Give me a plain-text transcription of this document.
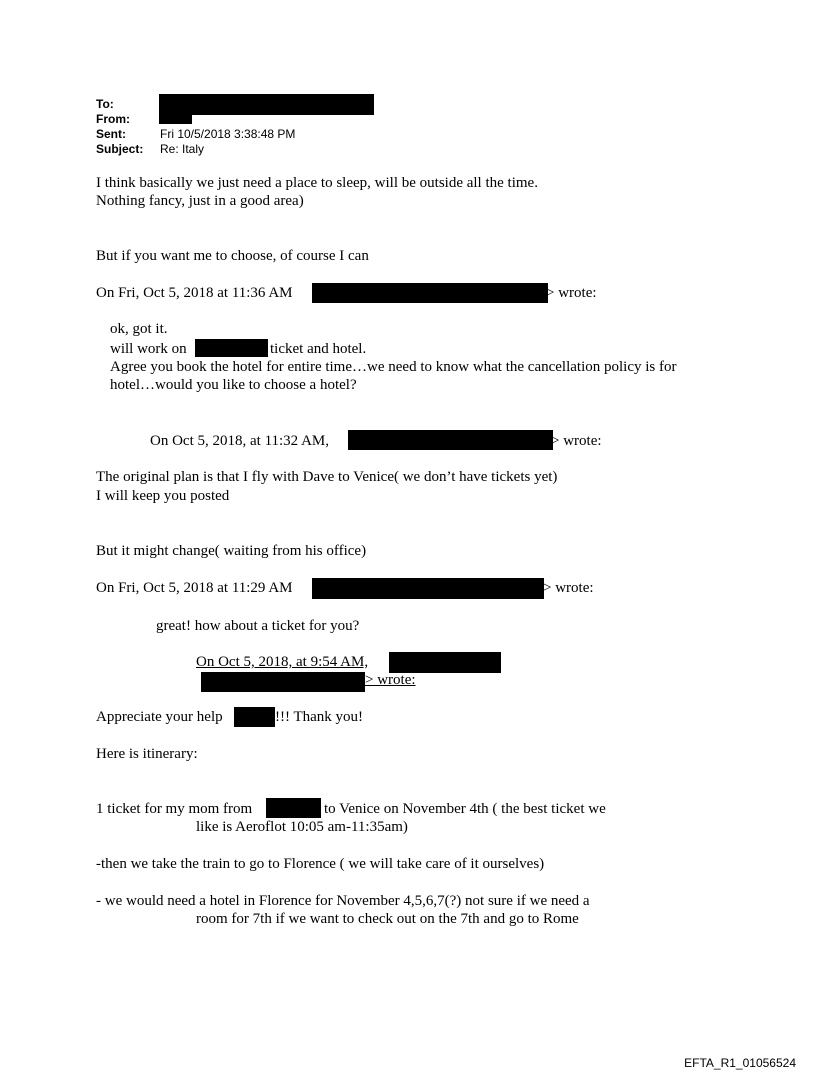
To:
From:
Sent:	Fri 10/5/2018 3:38:48 PM
Subject: Re: Italy
I think basically we just need a place to sleep, will be outside all the time.
Nothing fancy, just in a good area)
But if you want me to choose, of course I can
On Fri, Oct 5, 2018 at 11:36 AM	> wrote:
ok, got it.
will work on	ticket and hotel.
Agree you book the hotel for entire time…we need to know what the cancellation policy is for
hotel…would you like to choose a hotel?
On Oct 5, 2018, at 11:32 AM,	> wrote:
The original plan is that I fly with Dave to Venice( we don’t have tickets yet)
I will keep you posted
But it might change( waiting from his office)
On Fri, Oct 5, 2018 at 11:29 AM	> wrote:
great! how about a ticket for you?
On Oct 5, 2018, at 9:54 AM,
> wrote:
Appreciate your help	!!! Thank you!
Here is itinerary:
1 ticket for my mom from	to Venice on November 4th ( the best ticket we
like is Aeroflot 10:05 am-11:35am)
-then we take the train to go to Florence ( we will take care of it ourselves)
- we would need a hotel in Florence for November 4,5,6,7(?) not sure if we need a
room for 7th if we want to check out on the 7th and go to Rome
EFTA_R1_01056524
